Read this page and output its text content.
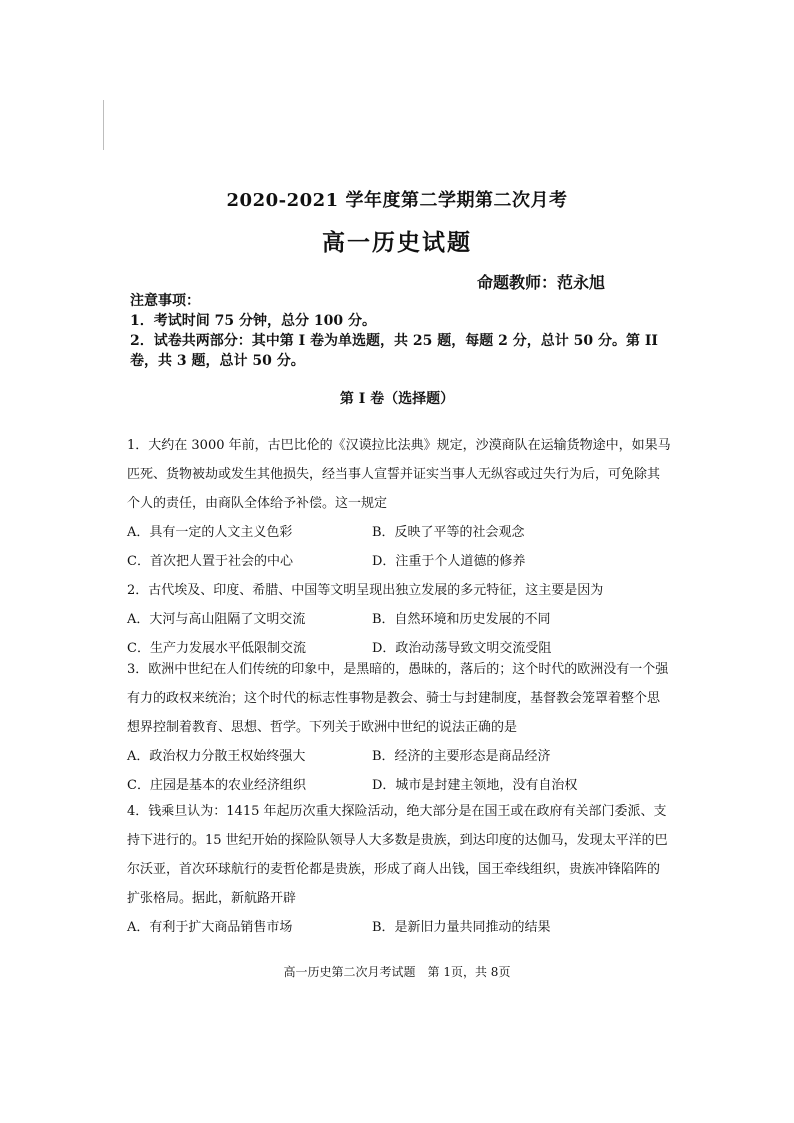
2020-2021 学年度第二学期第二次月考
高一历史试题
命题教师：范永旭
注意事项：
1．考试时间 75 分钟，总分 100 分。
2．试卷共两部分：其中第 I 卷为单选题，共 25 题，每题 2 分，总计 50 分。第 II
卷，共 3 题，总计 50 分。
第 I 卷（选择题）

1．大约在 3000 年前，古巴比伦的《汉谟拉比法典》规定，沙漠商队在运输货物途中，如果马
匹死、货物被劫或发生其他损失，经当事人宣誓并证实当事人无纵容或过失行为后，可免除其
个人的责任，由商队全体给予补偿。这一规定

A．具有一定的人文主义色彩	B．反映了平等的社会观念
C．首次把人置于社会的中心	D．注重于个人道德的修养

2．古代埃及、印度、希腊、中国等文明呈现出独立发展的多元特征，这主要是因为

A．大河与高山阻隔了文明交流	B．自然环境和历史发展的不同
C．生产力发展水平低限制交流	D．政治动荡导致文明交流受阻

3．欧洲中世纪在人们传统的印象中，是黑暗的，愚昧的，落后的；这个时代的欧洲没有一个强
有力的政权来统治；这个时代的标志性事物是教会、骑士与封建制度，基督教会笼罩着整个思
想界控制着教育、思想、哲学。下列关于欧洲中世纪的说法正确的是

A．政治权力分散王权始终强大	B．经济的主要形态是商品经济
C．庄园是基本的农业经济组织	D．城市是封建主领地，没有自治权

4．钱乘旦认为：1415 年起历次重大探险活动，绝大部分是在国王或在政府有关部门委派、支
持下进行的。15 世纪开始的探险队领导人大多数是贵族，到达印度的达伽马，发现太平洋的巴
尔沃亚，首次环球航行的麦哲伦都是贵族，形成了商人出钱，国王牵线组织，贵族冲锋陷阵的
扩张格局。据此，新航路开辟

A．有利于扩大商品销售市场	B．是新旧力量共同推动的结果
高一历史第二次月考试题　第 1页，共 8页
